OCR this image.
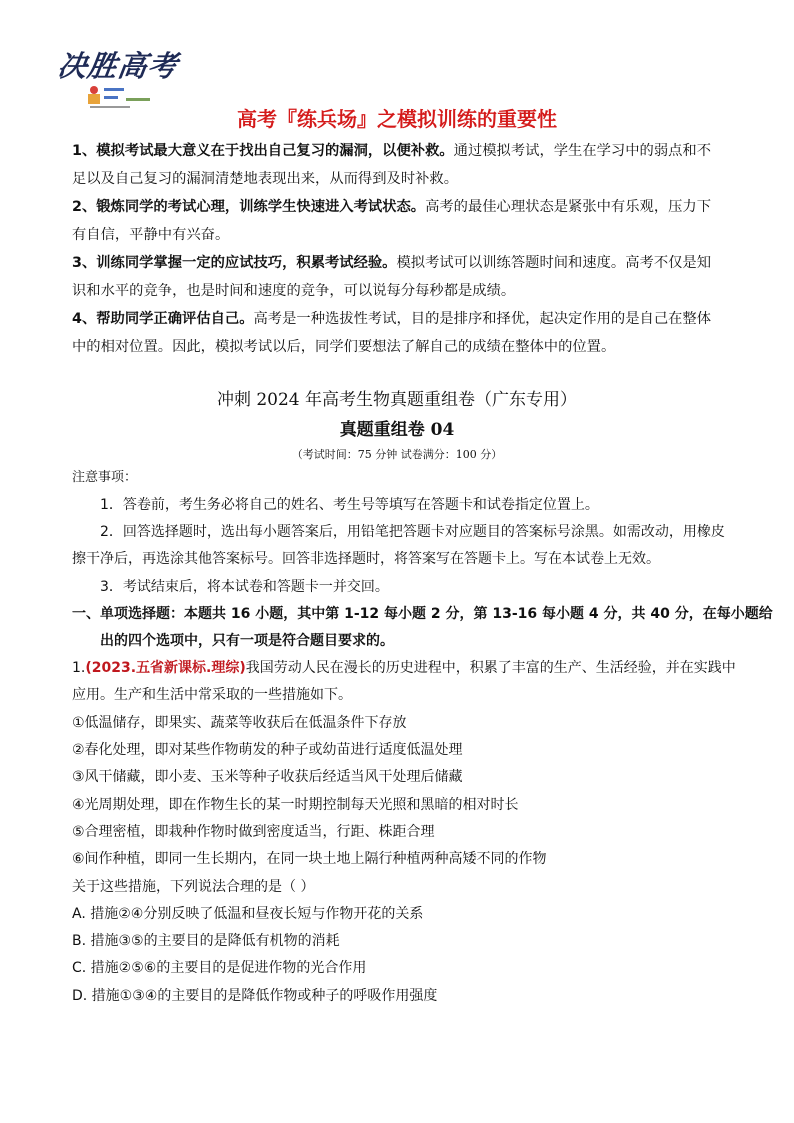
决胜高考
高考『练兵场』之模拟训练的重要性
1、模拟考试最大意义在于找出自己复习的漏洞，以便补救。通过模拟考试，学生在学习中的弱点和不
足以及自己复习的漏洞清楚地表现出来，从而得到及时补救。
2、锻炼同学的考试心理，训练学生快速进入考试状态。高考的最佳心理状态是紧张中有乐观，压力下
有自信，平静中有兴奋。
3、训练同学掌握一定的应试技巧，积累考试经验。模拟考试可以训练答题时间和速度。高考不仅是知
识和水平的竞争，也是时间和速度的竞争，可以说每分每秒都是成绩。
4、帮助同学正确评估自己。高考是一种选拔性考试，目的是排序和择优，起决定作用的是自己在整体
中的相对位置。因此，模拟考试以后，同学们要想法了解自己的成绩在整体中的位置。
冲刺 2024 年高考生物真题重组卷（广东专用）
真题重组卷 04
（考试时间：75 分钟 试卷满分：100 分）
注意事项：
1．答卷前，考生务必将自己的姓名、考生号等填写在答题卡和试卷指定位置上。
2．回答选择题时，选出每小题答案后，用铅笔把答题卡对应题目的答案标号涂黑。如需改动，用橡皮
擦干净后，再选涂其他答案标号。回答非选择题时，将答案写在答题卡上。写在本试卷上无效。
3．考试结束后，将本试卷和答题卡一并交回。
一、单项选择题：本题共 16 小题，其中第 1-12 每小题 2 分，第 13-16 每小题 4 分，共 40 分，在每小题给
出的四个选项中，只有一项是符合题目要求的。
1.(2023.五省新课标.理综)我国劳动人民在漫长的历史进程中，积累了丰富的生产、生活经验，并在实践中
应用。生产和生活中常采取的一些措施如下。
①低温储存，即果实、蔬菜等收获后在低温条件下存放
②春化处理，即对某些作物萌发的种子或幼苗进行适度低温处理
③风干储藏，即小麦、玉米等种子收获后经适当风干处理后储藏
④光周期处理，即在作物生长的某一时期控制每天光照和黑暗的相对时长
⑤合理密植，即栽种作物时做到密度适当，行距、株距合理
⑥间作种植，即同一生长期内，在同一块土地上隔行种植两种高矮不同的作物
关于这些措施，下列说法合理的是（ ）
A. 措施②④分别反映了低温和昼夜长短与作物开花的关系
B. 措施③⑤的主要目的是降低有机物的消耗
C. 措施②⑤⑥的主要目的是促进作物的光合作用
D. 措施①③④的主要目的是降低作物或种子的呼吸作用强度
